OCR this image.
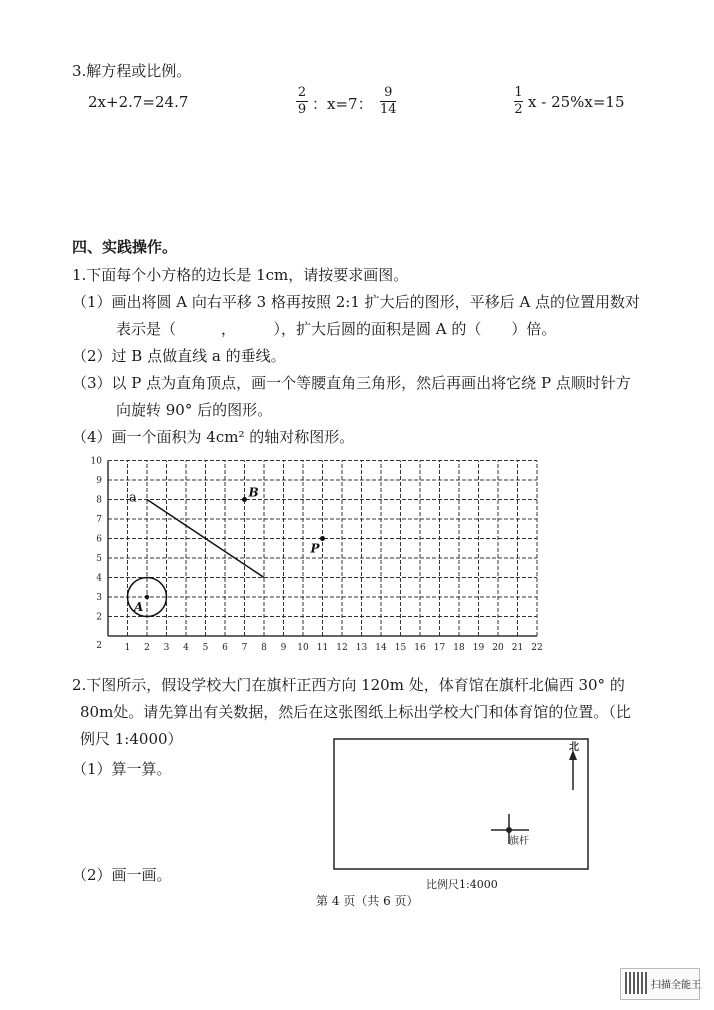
3.解方程或比例。
2x+2.7=24.7
2
9 ：x=7：
9
14
1
2 x - 25%x=15
四、实践操作。
1.下面每个小方格的边长是 1cm，请按要求画图。
（1）画出将圆 A 向右平移 3 格再按照 2:1 扩大后的图形，平移后 A 点的位置用数对
表示是（　　　，　　　），扩大后圆的面积是圆 A 的（　　）倍。
（2）过 B 点做直线 a 的垂线。
（3）以 P 点为直角顶点，画一个等腰直角三角形，然后再画出将它绕 P 点顺时针方
向旋转 90° 后的图形。
（4）画一个面积为 4cm² 的轴对称图形。
1 2 3 4 5 6 7 8 9 10 11 12 13 14 15 16 17 18 19 20 21 22
2
3
4
5
6
7
8
9
10
2
a	B
P
A
2.下图所示，假设学校大门在旗杆正西方向 120m 处，体育馆在旗杆北偏西 30° 的
80m处。请先算出有关数据，然后在这张图纸上标出学校大门和体育馆的位置。（比
例尺 1:4000）
（1）算一算。
（2）画一画。
北
旗杆
比例尺1:4000
第 4 页（共 6 页）
扫描全能王
